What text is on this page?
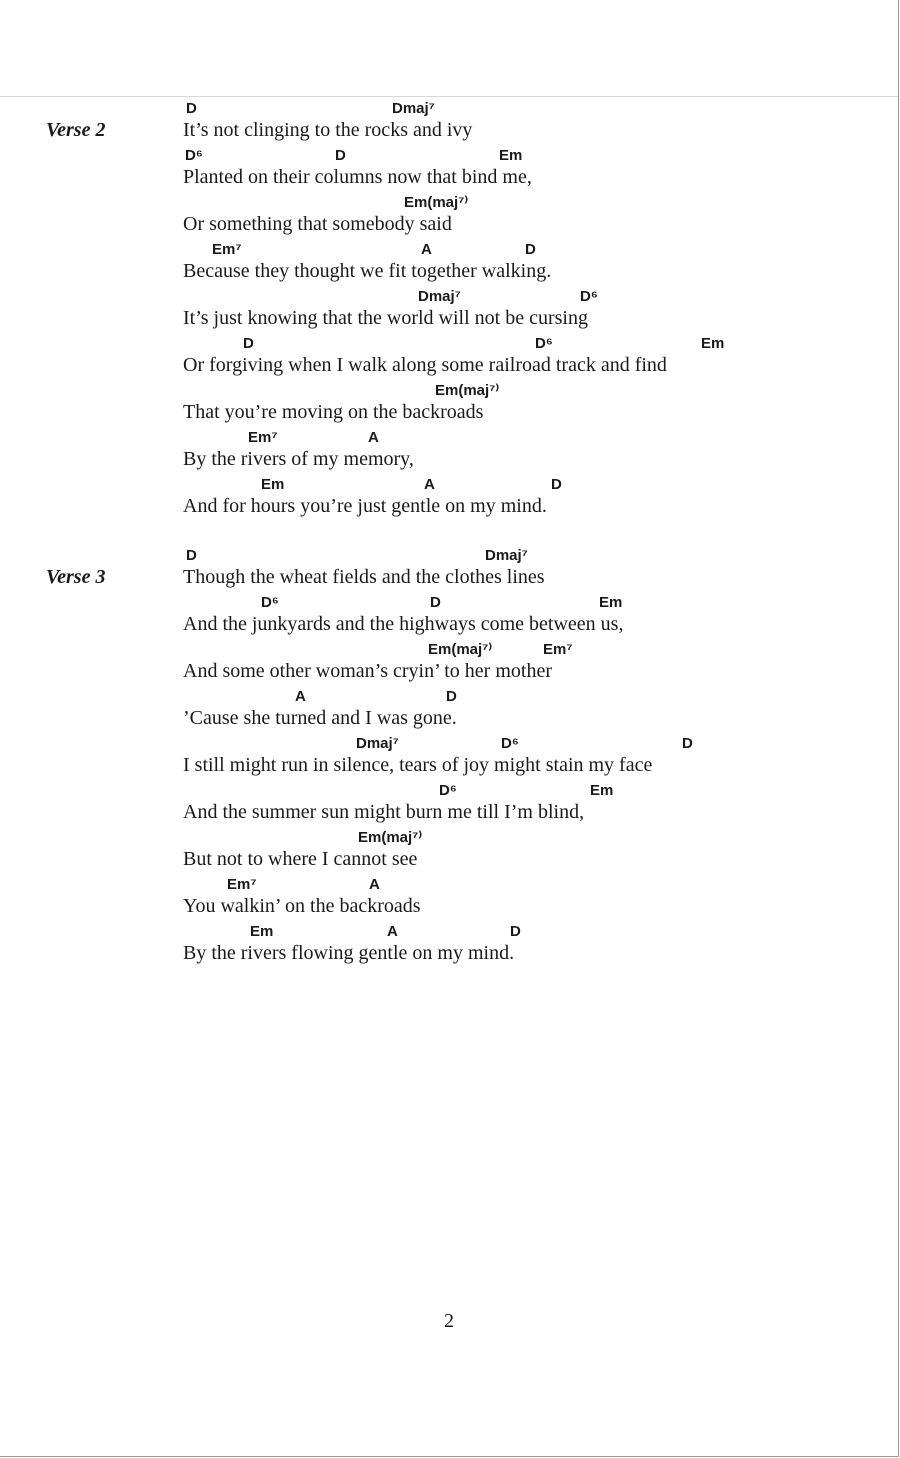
Verse 2
D	Dmaj⁷
It’s not clinging to the rocks and ivy
D⁶	D	Em
Planted on their columns now that bind me,
Em(maj⁷⁾
Or something that somebody said
Em⁷	A	D
Because they thought we fit together walking.
Dmaj⁷	D⁶
It’s just knowing that the world will not be cursing
D	D⁶	Em
Or forgiving when I walk along some railroad track and find
Em(maj⁷⁾
That you’re moving on the backroads
Em⁷	A
By the rivers of my memory,
Em	A	D
And for hours you’re just gentle on my mind.
Verse 3
D	Dmaj⁷
Though the wheat fields and the clothes lines
D⁶	D	Em
And the junkyards and the highways come between us,
Em(maj⁷⁾	Em⁷
And some other woman’s cryin’ to her mother
A	D
’Cause she turned and I was gone.
Dmaj⁷	D⁶	D
I still might run in silence, tears of joy might stain my face
D⁶	Em
And the summer sun might burn me till I’m blind,
Em(maj⁷⁾
But not to where I cannot see
Em⁷	A
You walkin’ on the backroads
Em	A	D
By the rivers flowing gentle on my mind.
2
